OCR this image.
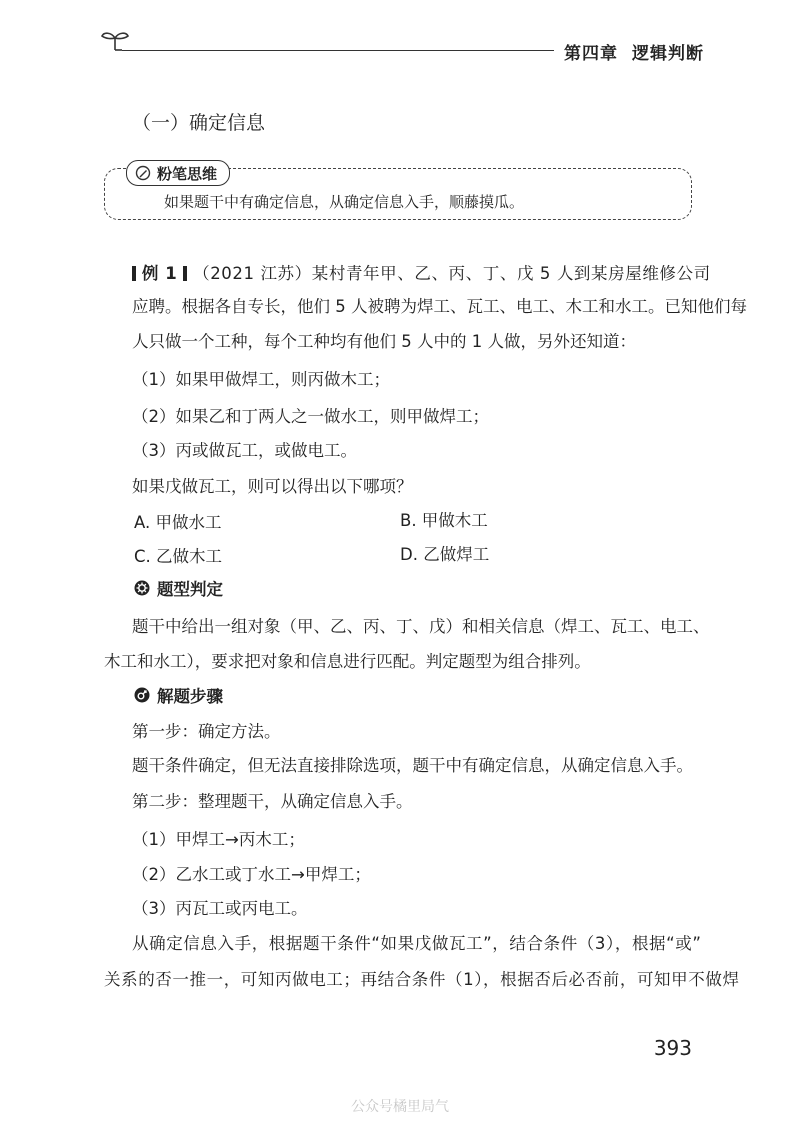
第四章 逻辑判断
（一）确定信息
粉笔思维
如果题干中有确定信息，从确定信息入手，顺藤摸瓜。
例 1 （2021 江苏）某村青年甲、乙、丙、丁、戊 5 人到某房屋维修公司
应聘。根据各自专长，他们 5 人被聘为焊工、瓦工、电工、木工和水工。已知他们每
人只做一个工种，每个工种均有他们 5 人中的 1 人做，另外还知道：
（1）如果甲做焊工，则丙做木工；
（2）如果乙和丁两人之一做水工，则甲做焊工；
（3）丙或做瓦工，或做电工。
如果戊做瓦工，则可以得出以下哪项？
A. 甲做水工	B. 甲做木工
C. 乙做木工	D. 乙做焊工
题型判定
题干中给出一组对象（甲、乙、丙、丁、戊）和相关信息（焊工、瓦工、电工、
木工和水工），要求把对象和信息进行匹配。判定题型为组合排列。
解题步骤
第一步：确定方法。
题干条件确定，但无法直接排除选项，题干中有确定信息，从确定信息入手。
第二步：整理题干，从确定信息入手。
（1）甲焊工→丙木工；
（2）乙水工或丁水工→甲焊工；
（3）丙瓦工或丙电工。
从确定信息入手，根据题干条件“如果戊做瓦工”，结合条件（3），根据“或”
关系的否一推一，可知丙做电工；再结合条件（1），根据否后必否前，可知甲不做焊
393
公众号橘里局气
